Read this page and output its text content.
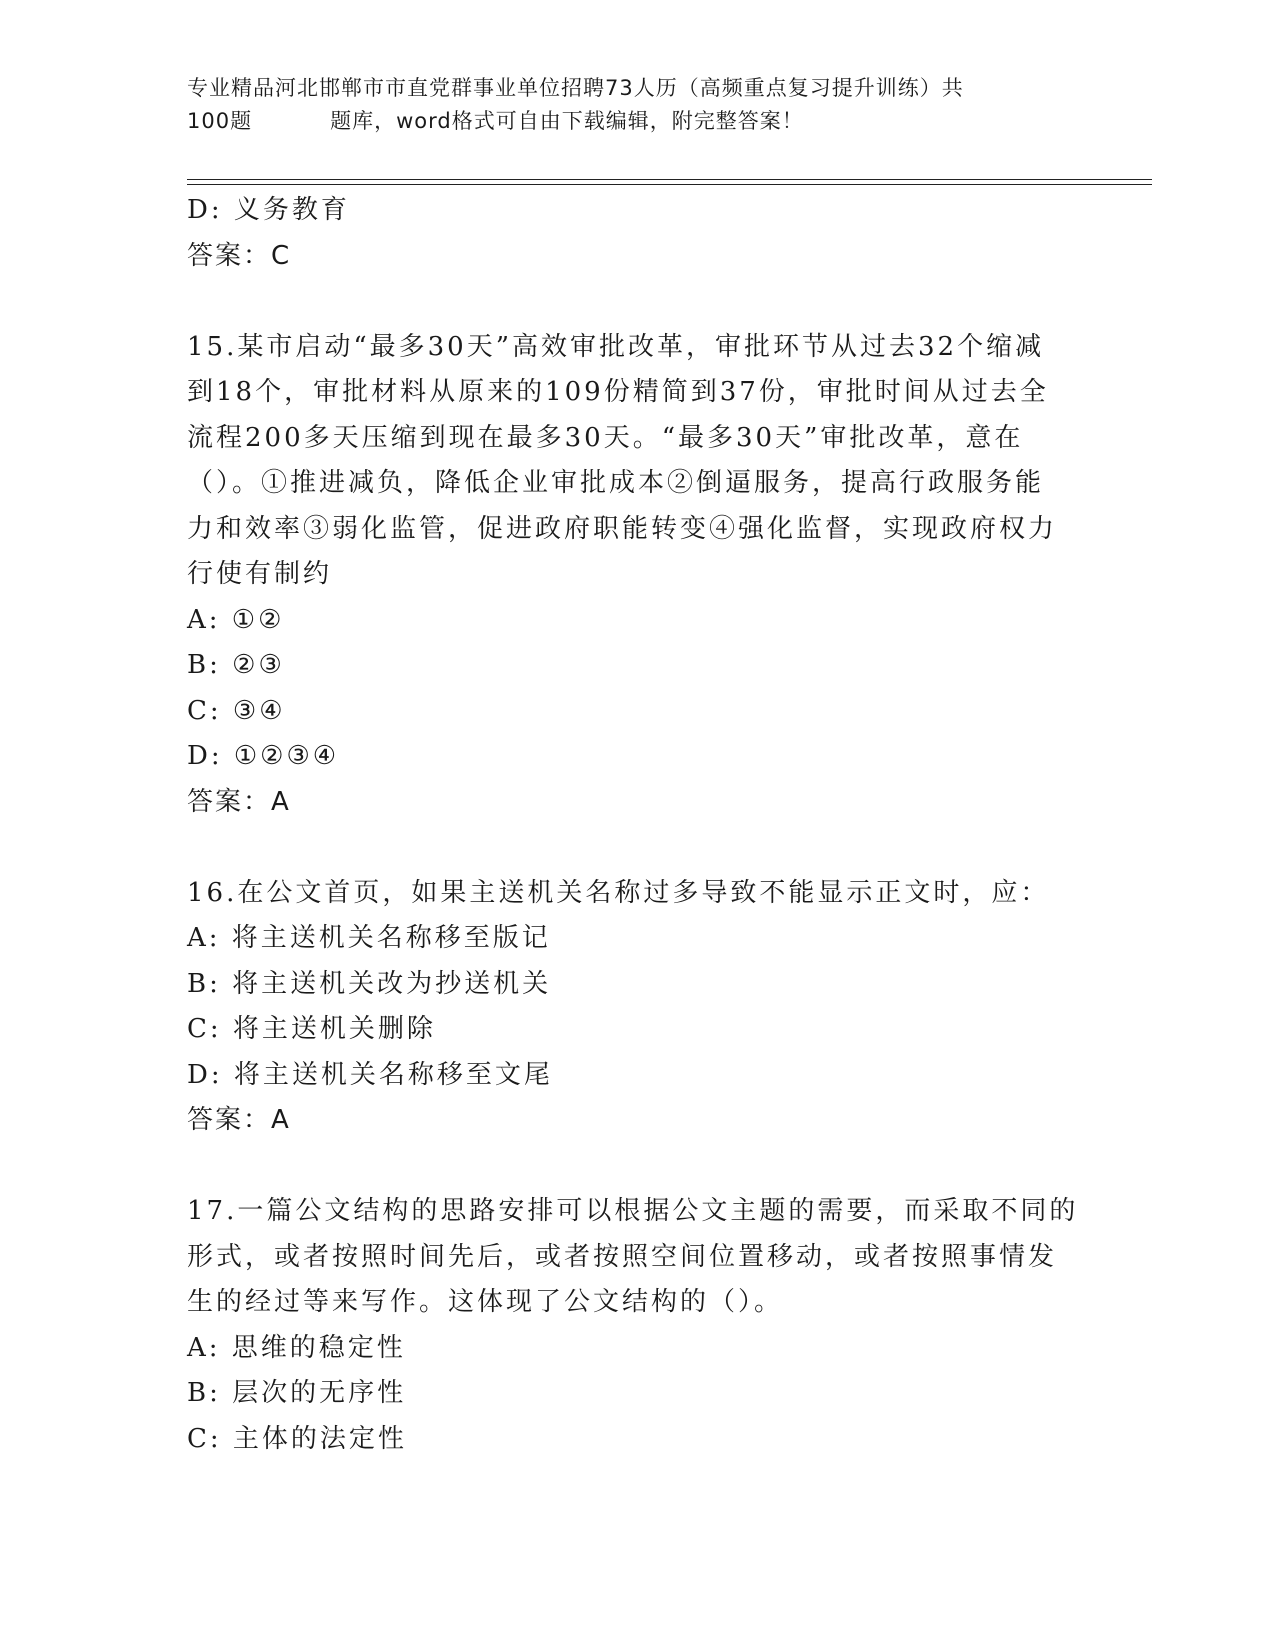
专业精品河北邯郸市市直党群事业单位招聘73人历（高频重点复习提升训练）共
100题	题库，word格式可自由下载编辑，附完整答案！
D: 义务教育
答案：C
15.某市启动“最多30天”高效审批改革，审批环节从过去32个缩减
到18个，审批材料从原来的109份精简到37份，审批时间从过去全
流程200多天压缩到现在最多30天。“最多30天”审批改革，意在
（）。①推进减负，降低企业审批成本②倒逼服务，提高行政服务能
力和效率③弱化监管，促进政府职能转变④强化监督，实现政府权力
行使有制约
A: ①②
B: ②③
C: ③④
D: ①②③④
答案：A
16.在公文首页，如果主送机关名称过多导致不能显示正文时，应：
A: 将主送机关名称移至版记
B: 将主送机关改为抄送机关
C: 将主送机关删除
D: 将主送机关名称移至文尾
答案：A
17.一篇公文结构的思路安排可以根据公文主题的需要，而采取不同的
形式，或者按照时间先后，或者按照空间位置移动，或者按照事情发
生的经过等来写作。这体现了公文结构的（）。
A: 思维的稳定性
B: 层次的无序性
C: 主体的法定性
